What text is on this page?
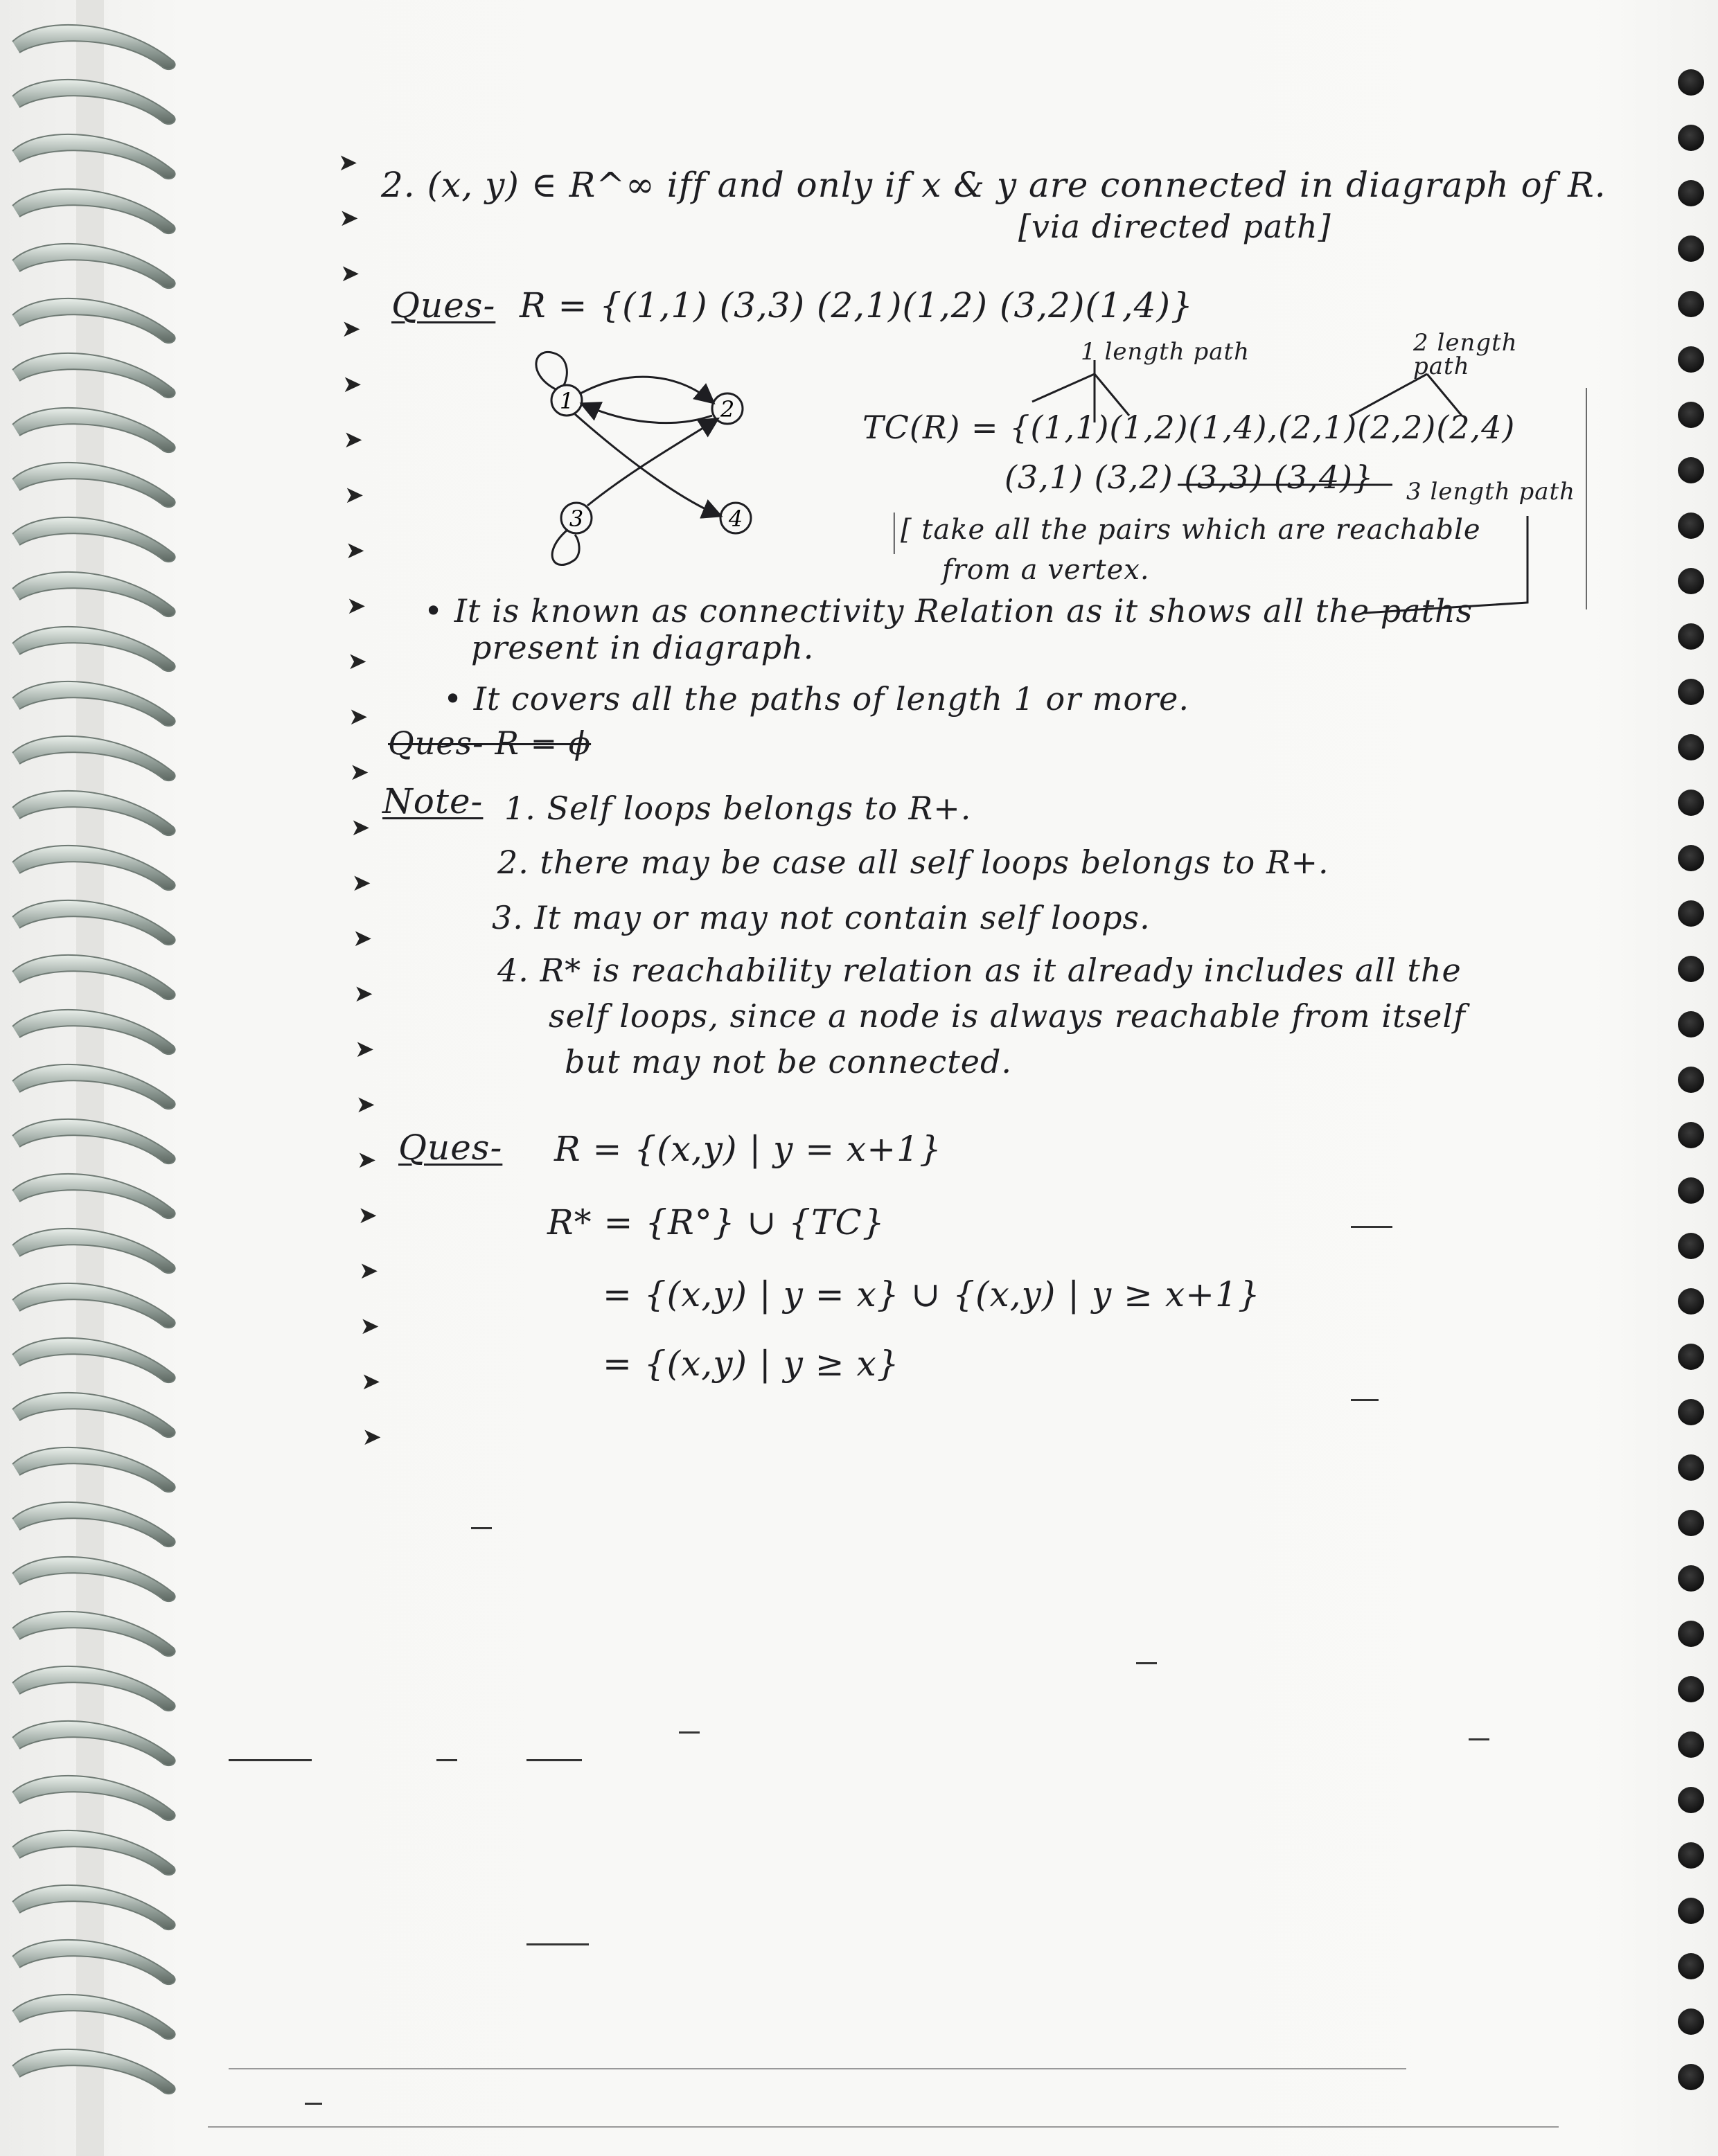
➤
➤
➤
➤
➤
➤
➤
➤
➤
➤
➤
➤
➤
➤
➤
➤
➤
➤
➤
➤
➤
➤
➤
➤
2. (x, y) ∈ R^∞ iff and only if x & y are connected in diagraph of R.
[via directed path]
Ques- R = {(1,1) (3,3) (2,1)(1,2) (3,2)(1,4)}
1 length path	2 length path
1	2
3	4
TC(R) = {(1,1)(1,2)(1,4),(2,1)(2,2)(2,4)
(3,1) (3,2) (3,3) (3,4)} 3 length path
[ take all the pairs which are reachable
from a vertex.
• It is known as connectivity Relation as it shows all the paths
present in diagraph.
• It covers all the paths of length 1 or more.
Ques- R = ϕ
Note- 1. Self loops belongs to R+.
2. there may be case all self loops belongs to R+.
3. It may or may not contain self loops.
4. R* is reachability relation as it already includes all the
self loops, since a node is always reachable from itself
but may not be connected.
Ques- R = {(x,y) | y = x+1}
R* = {R°} ∪ {TC}
= {(x,y) | y = x} ∪ {(x,y) | y ≥ x+1}
= {(x,y) | y ≥ x}
